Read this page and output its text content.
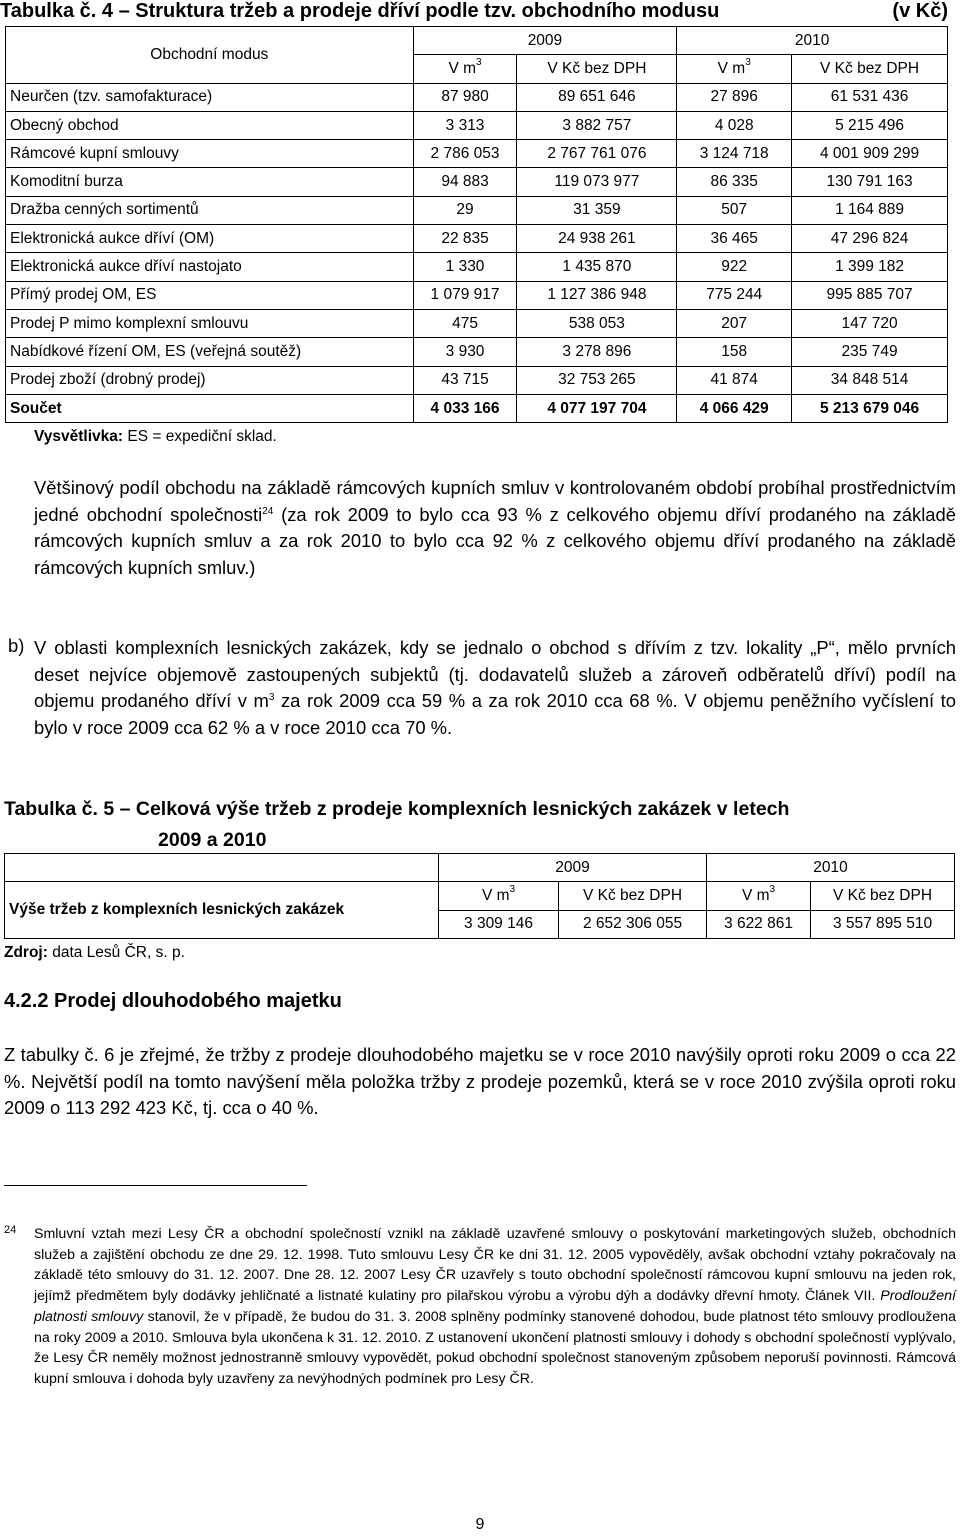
Tabulka č. 4 – Struktura tržeb a prodeje dříví podle tzv. obchodního modusu	(v Kč)
Obchodní modus	2009		2010	
	V $m^3$	V Kč bez DPH	V $m^3$	V Kč bez DPH
Neurčen (tzv. samofakturace)	87 980	89 651 646	27 896	61 531 436
Obecný obchod	3 313	3 882 757	4 028	5 215 496
Rámcové kupní smlouvy	2 786 053	2 767 761 076	3 124 718	4 001 909 299
Komoditní burza	94 883	119 073 977	86 335	130 791 163
Dražba cenných sortimentů	29	31 359	507	1 164 889
Elektronická aukce dříví (OM)	22 835	24 938 261	36 465	47 296 824
Elektronická aukce dříví nastojato	1 330	1 435 870	922	1 399 182
Přímý prodej OM, ES	1 079 917	1 127 386 948	775 244	995 885 707
Prodej P mimo komplexní smlouvu	475	538 053	207	147 720
Nabídkové řízení OM, ES (veřejná soutěž)	3 930	3 278 896	158	235 749
Prodej zboží (drobný prodej)	43 715	32 753 265	41 874	34 848 514
Součet	4 033 166	4 077 197 704	4 066 429	5 213 679 046
Vysvětlivka: ES = expediční sklad.
Většinový podíl obchodu na základě rámcových kupních smluv v kontrolovaném období probíhal prostřednictvím jedné obchodní společnosti$^{24}$ (za rok 2009 to bylo cca 93 % z celkového objemu dříví prodaného na základě rámcových kupních smluv a za rok 2010 to bylo cca 92 % z celkového objemu dříví prodaného na základě rámcových kupních smluv.)
b) V oblasti komplexních lesnických zakázek, kdy se jednalo o obchod s dřívím z tzv. lokality „P“, mělo prvních deset nejvíce objemově zastoupených subjektů (tj. dodavatelů služeb a zároveň odběratelů dříví) podíl na objemu prodaného dříví v $m^3$ za rok 2009 cca 59 % a za rok 2010 cca 68 %. V objemu peněžního vyčíslení to bylo v roce 2009 cca 62 % a v roce 2010 cca 70 %.
Tabulka č. 5 – Celková výše tržeb z prodeje komplexních lesnických zakázek v letech
2009 a 2010
	2009		2010	
Výše tržeb z komplexních lesnických zakázek	V $m^3$	V Kč bez DPH	V $m^3$	V Kč bez DPH
	3 309 146	2 652 306 055	3 622 861	3 557 895 510
Zdroj: data Lesů ČR, s. p.
4.2.2 Prodej dlouhodobého majetku
Z tabulky č. 6 je zřejmé, že tržby z prodeje dlouhodobého majetku se v roce 2010 navýšily oproti roku 2009 o cca 22 %. Největší podíl na tomto navýšení měla položka tržby z prodeje pozemků, která se v roce 2010 zvýšila oproti roku 2009 o 113 292 423 Kč, tj. cca o 40 %.
24 Smluvní vztah mezi Lesy ČR a obchodní společností vznikl na základě uzavřené smlouvy o poskytování marketingových služeb, obchodních služeb a zajištění obchodu ze dne 29. 12. 1998. Tuto smlouvu Lesy ČR ke dni 31. 12. 2005 vypověděly, avšak obchodní vztahy pokračovaly na základě této smlouvy do 31. 12. 2007. Dne 28. 12. 2007 Lesy ČR uzavřely s touto obchodní společností rámcovou kupní smlouvu na jeden rok, jejímž předmětem byly dodávky jehličnaté a listnaté kulatiny pro pilařskou výrobu a výrobu dýh a dodávky dřevní hmoty. Článek VII. Prodloužení platnosti smlouvy stanovil, že v případě, že budou do 31. 3. 2008 splněny podmínky stanovené dohodou, bude platnost této smlouvy prodloužena na roky 2009 a 2010. Smlouva byla ukončena k 31. 12. 2010. Z ustanovení ukončení platnosti smlouvy i dohody s obchodní společností vyplývalo, že Lesy ČR neměly možnost jednostranně smlouvy vypovědět, pokud obchodní společnost stanoveným způsobem neporuší povinnosti. Rámcová kupní smlouva i dohoda byly uzavřeny za nevýhodných podmínek pro Lesy ČR.
9
